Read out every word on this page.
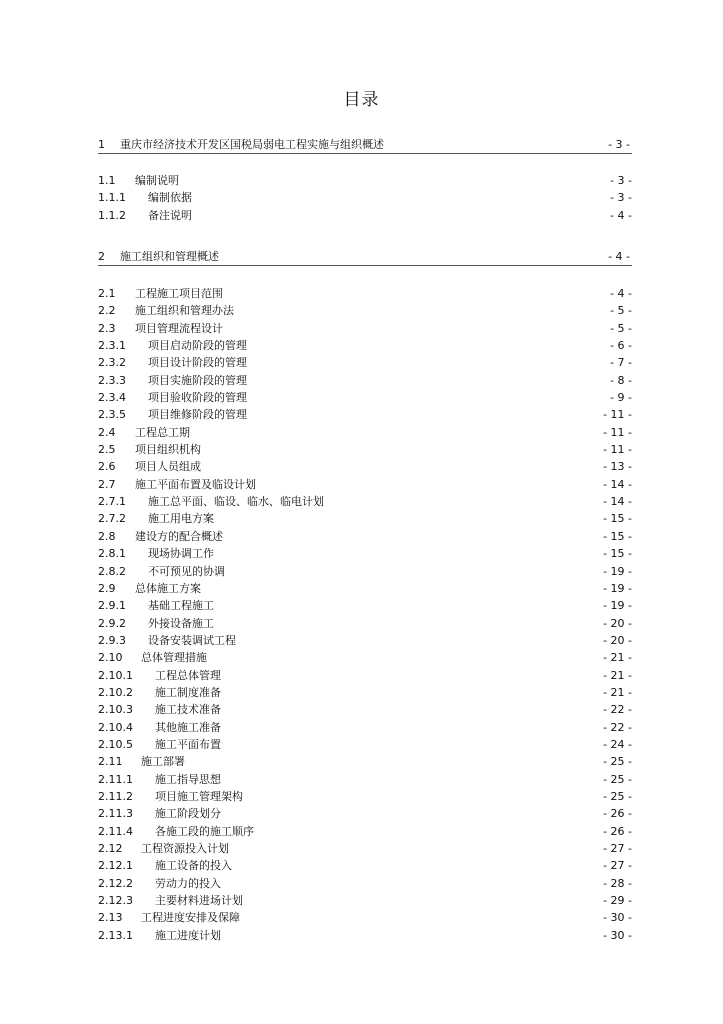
目录
1 重庆市经济技术开发区国税局弱电工程实施与组织概述	- 3 -
1.1 编制说明	- 3 -
1.1.1 编制依据	- 3 -
1.1.2 备注说明	- 4 -
2 施工组织和管理概述	- 4 -
2.1 工程施工项目范围	- 4 -
2.2 施工组织和管理办法	- 5 -
2.3 项目管理流程设计	- 5 -
2.3.1 项目启动阶段的管理	- 6 -
2.3.2 项目设计阶段的管理	- 7 -
2.3.3 项目实施阶段的管理	- 8 -
2.3.4 项目验收阶段的管理	- 9 -
2.3.5 项目维修阶段的管理	- 11 -
2.4 工程总工期	- 11 -
2.5 项目组织机构	- 11 -
2.6 项目人员组成	- 13 -
2.7 施工平面布置及临设计划	- 14 -
2.7.1 施工总平面、临设、临水、临电计划	- 14 -
2.7.2 施工用电方案	- 15 -
2.8 建设方的配合概述	- 15 -
2.8.1 现场协调工作	- 15 -
2.8.2 不可预见的协调	- 19 -
2.9 总体施工方案	- 19 -
2.9.1 基础工程施工	- 19 -
2.9.2 外接设备施工	- 20 -
2.9.3 设备安装调试工程	- 20 -
2.10 总体管理措施	- 21 -
2.10.1 工程总体管理	- 21 -
2.10.2 施工制度准备	- 21 -
2.10.3 施工技术准备	- 22 -
2.10.4 其他施工准备	- 22 -
2.10.5 施工平面布置	- 24 -
2.11 施工部署	- 25 -
2.11.1 施工指导思想	- 25 -
2.11.2 项目施工管理架构	- 25 -
2.11.3 施工阶段划分	- 26 -
2.11.4 各施工段的施工顺序	- 26 -
2.12 工程资源投入计划	- 27 -
2.12.1 施工设备的投入	- 27 -
2.12.2 劳动力的投入	- 28 -
2.12.3 主要材料进场计划	- 29 -
2.13 工程进度安排及保障	- 30 -
2.13.1 施工进度计划	- 30 -
